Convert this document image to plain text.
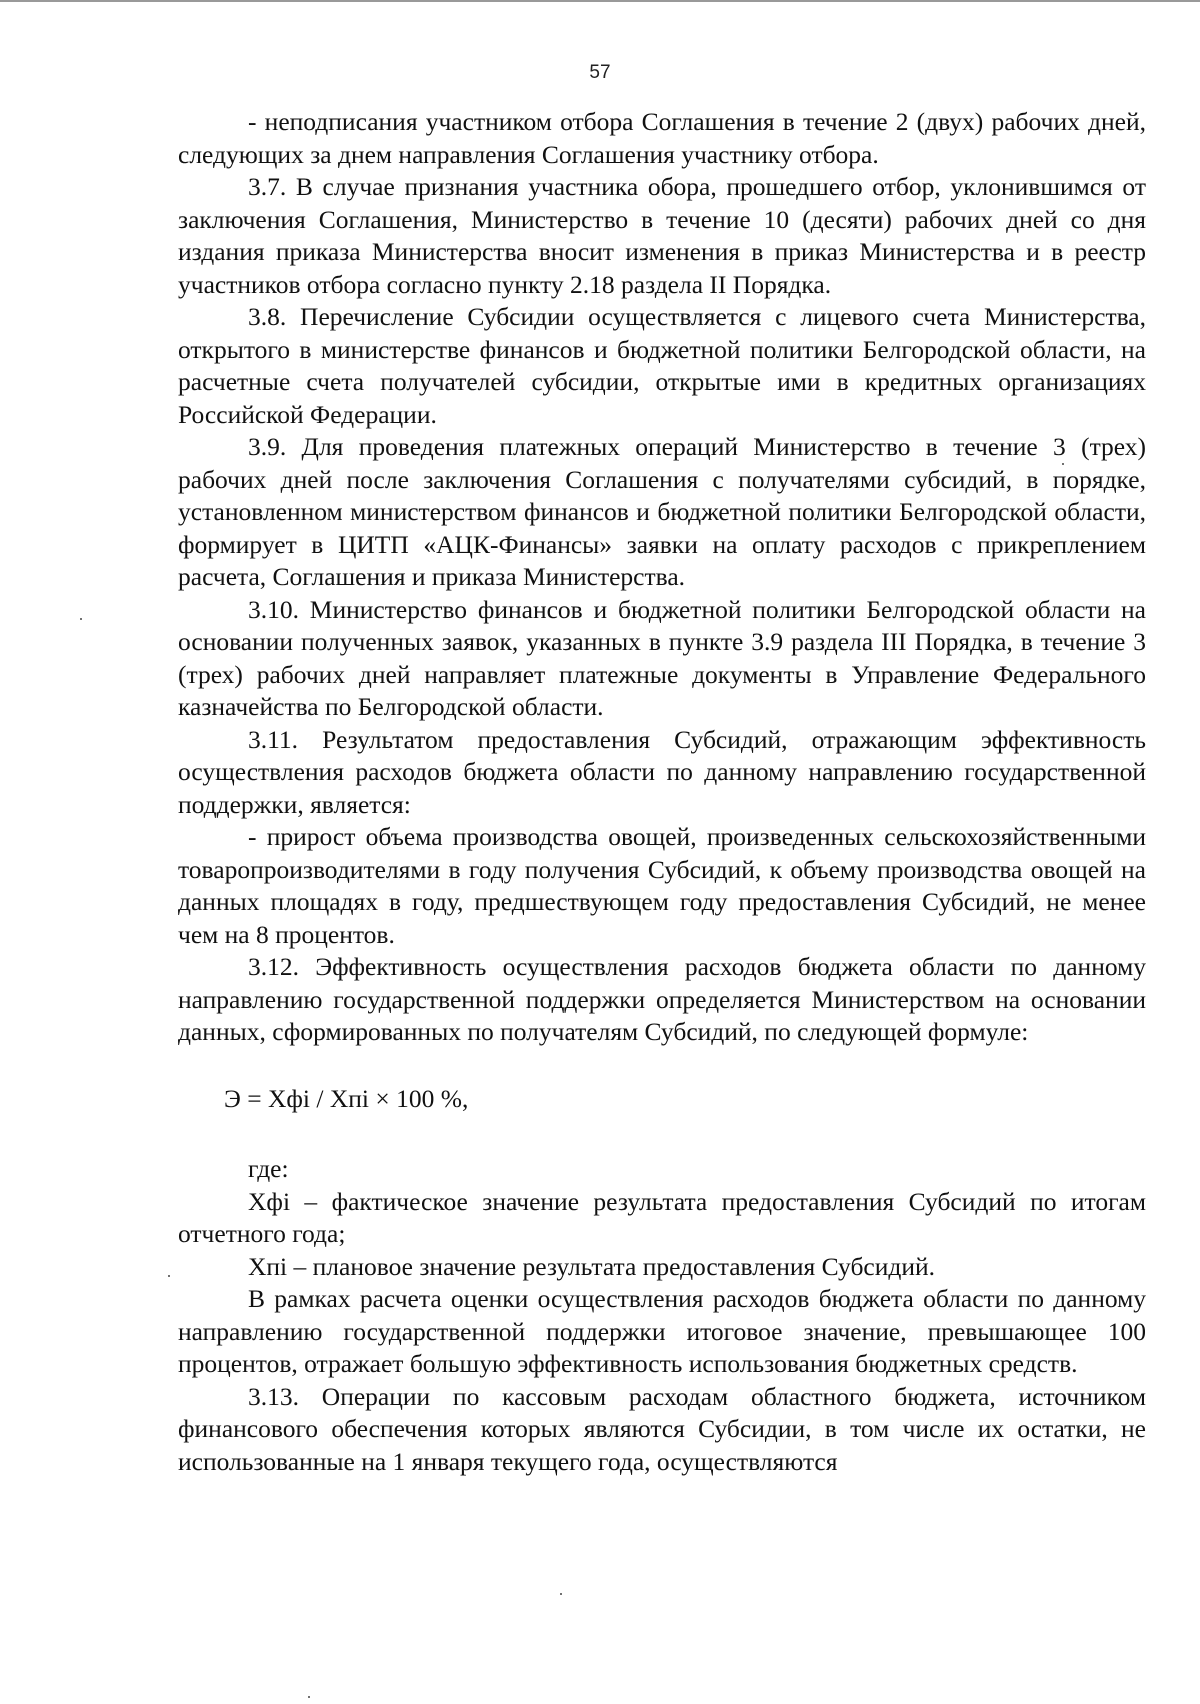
57

- неподписания участником отбора Соглашения в течение 2 (двух) рабочих дней, следующих за днем направления Соглашения участнику отбора.

3.7. В случае признания участника обора, прошедшего отбор, уклонившимся от заключения Соглашения, Министерство в течение 10 (десяти) рабочих дней со дня издания приказа Министерства вносит изменения в приказ Министерства и в реестр участников отбора согласно пункту 2.18 раздела II Порядка.

3.8. Перечисление Субсидии осуществляется с лицевого счета Министерства, открытого в министерстве финансов и бюджетной политики Белгородской области, на расчетные счета получателей субсидии, открытые ими в кредитных организациях Российской Федерации.

3.9. Для проведения платежных операций Министерство в течение 3 (трех) рабочих дней после заключения Соглашения с получателями субсидий, в порядке, установленном министерством финансов и бюджетной политики Белгородской области, формирует в ЦИТП «АЦК-Финансы» заявки на оплату расходов с прикреплением расчета, Соглашения и приказа Министерства.

3.10. Министерство финансов и бюджетной политики Белгородской области на основании полученных заявок, указанных в пункте 3.9 раздела III Порядка, в течение 3 (трех) рабочих дней направляет платежные документы в Управление Федерального казначейства по Белгородской области.

3.11. Результатом предоставления Субсидий, отражающим эффективность осуществления расходов бюджета области по данному направлению государственной поддержки, является:

- прирост объема производства овощей, произведенных сельскохозяйственными товаропроизводителями в году получения Субсидий, к объему производства овощей на данных площадях в году, предшествующем году предоставления Субсидий, не менее чем на 8 процентов.

3.12. Эффективность осуществления расходов бюджета области по данному направлению государственной поддержки определяется Министерством на основании данных, сформированных по получателям Субсидий, по следующей формуле:

Э = Хфi / Хпi × 100 %,

где:

Хфi – фактическое значение результата предоставления Субсидий по итогам отчетного года;

Хпi – плановое значение результата предоставления Субсидий.

В рамках расчета оценки осуществления расходов бюджета области по данному направлению государственной поддержки итоговое значение, превышающее 100 процентов, отражает большую эффективность использования бюджетных средств.

3.13. Операции по кассовым расходам областного бюджета, источником финансового обеспечения которых являются Субсидии, в том числе их остатки, не использованные на 1 января текущего года, осуществляются
